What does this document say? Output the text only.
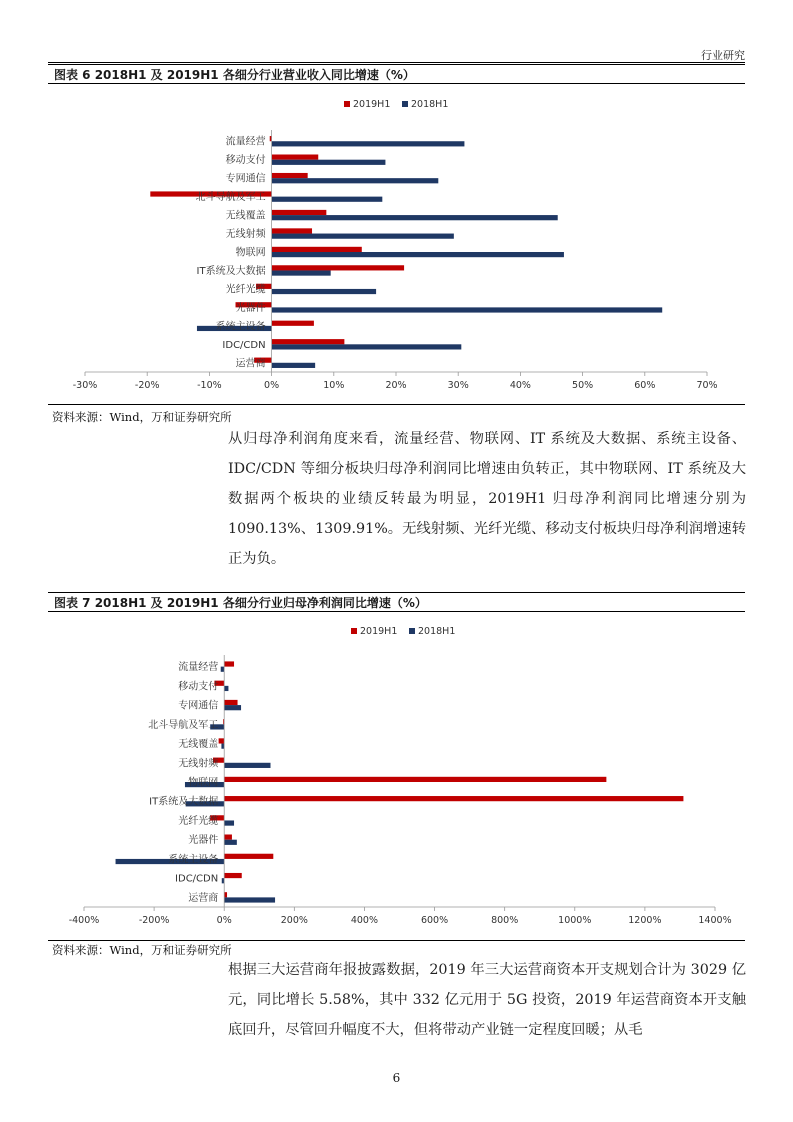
行业研究
图表 6 2018H1 及 2019H1 各细分行业营业收入同比增速（%）
2019H1 2018H1
流量经营
移动支付
专网通信
北斗导航及军工
无线覆盖
无线射频
物联网
IT系统及大数据
光纤光缆
光器件
系统主设备
IDC/CDN
运营商
-30%	-20%	-10%	0%	10%	20%	30%	40%	50%	60%	70%
资料来源：Wind，万和证券研究所
从归母净利润角度来看，流量经营、物联网、IT 系统及大数据、系统主设备、IDC/CDN 等细分板块归母净利润同比增速由负转正，其中物联网、IT 系统及大数据两个板块的业绩反转最为明显，2019H1 归母净利润同比增速分别为 1090.13%、1309.91%。无线射频、光纤光缆、移动支付板块归母净利润增速转正为负。
图表 7 2018H1 及 2019H1 各细分行业归母净利润同比增速（%）
2019H1 2018H1
流量经营
移动支付
专网通信
北斗导航及军工
无线覆盖
无线射频
物联网
IT系统及大数据
光纤光缆
光器件
系统主设备
IDC/CDN
运营商
-400%	-200%	0%	200%	400%	600%	800%	1000%	1200%	1400%
资料来源：Wind，万和证券研究所
根据三大运营商年报披露数据，2019 年三大运营商资本开支规划合计为 3029 亿元，同比增长 5.58%，其中 332 亿元用于 5G 投资，2019 年运营商资本开支触底回升，尽管回升幅度不大，但将带动产业链一定程度回暖；从毛
6
